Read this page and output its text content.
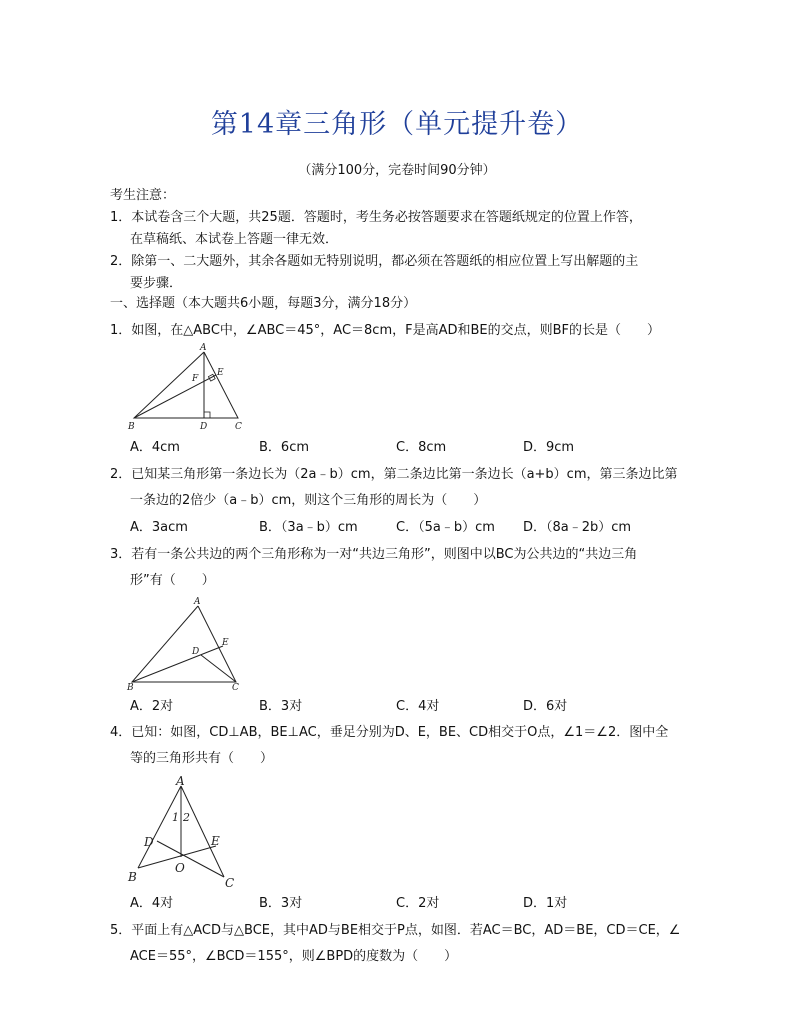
第14章三角形（单元提升卷）
（满分100分，完卷时间90分钟）
考生注意：
1．本试卷含三个大题，共25题．答题时，考生务必按答题要求在答题纸规定的位置上作答，
在草稿纸、本试卷上答题一律无效．
2．除第一、二大题外，其余各题如无特别说明，都必须在答题纸的相应位置上写出解题的主
要步骤．
一、选择题（本大题共6小题，每题3分，满分18分）
1．如图，在△ABC中，∠ABC＝45°，AC＝8cm，F是高AD和BE的交点，则BF的长是（　　）
A
F
E
B	D	C
A．4cm	B．6cm	C．8cm	D．9cm
2．已知某三角形第一条边长为（2a﹣b）cm，第二条边比第一条边长（a+b）cm，第三条边比第
一条边的2倍少（a﹣b）cm，则这个三角形的周长为（　　）
A．3acm	B．（3a﹣b）cm	C．（5a﹣b）cm D．（8a﹣2b）cm
3．若有一条公共边的两个三角形称为一对“共边三角形”，则图中以BC为公共边的“共边三角
形”有（　　）
A
E
D
B	C
A．2对	B．3对	C．4对	D．6对
4．已知：如图，CD⊥AB，BE⊥AC，垂足分别为D、E，BE、CD相交于O点，∠1＝∠2．图中全
等的三角形共有（　　）
A
1 2
D	E
O
B	C
A．4对	B．3对	C．2对	D．1对
5．平面上有△ACD与△BCE，其中AD与BE相交于P点，如图．若AC＝BC，AD＝BE，CD＝CE，∠
ACE＝55°，∠BCD＝155°，则∠BPD的度数为（　　）
